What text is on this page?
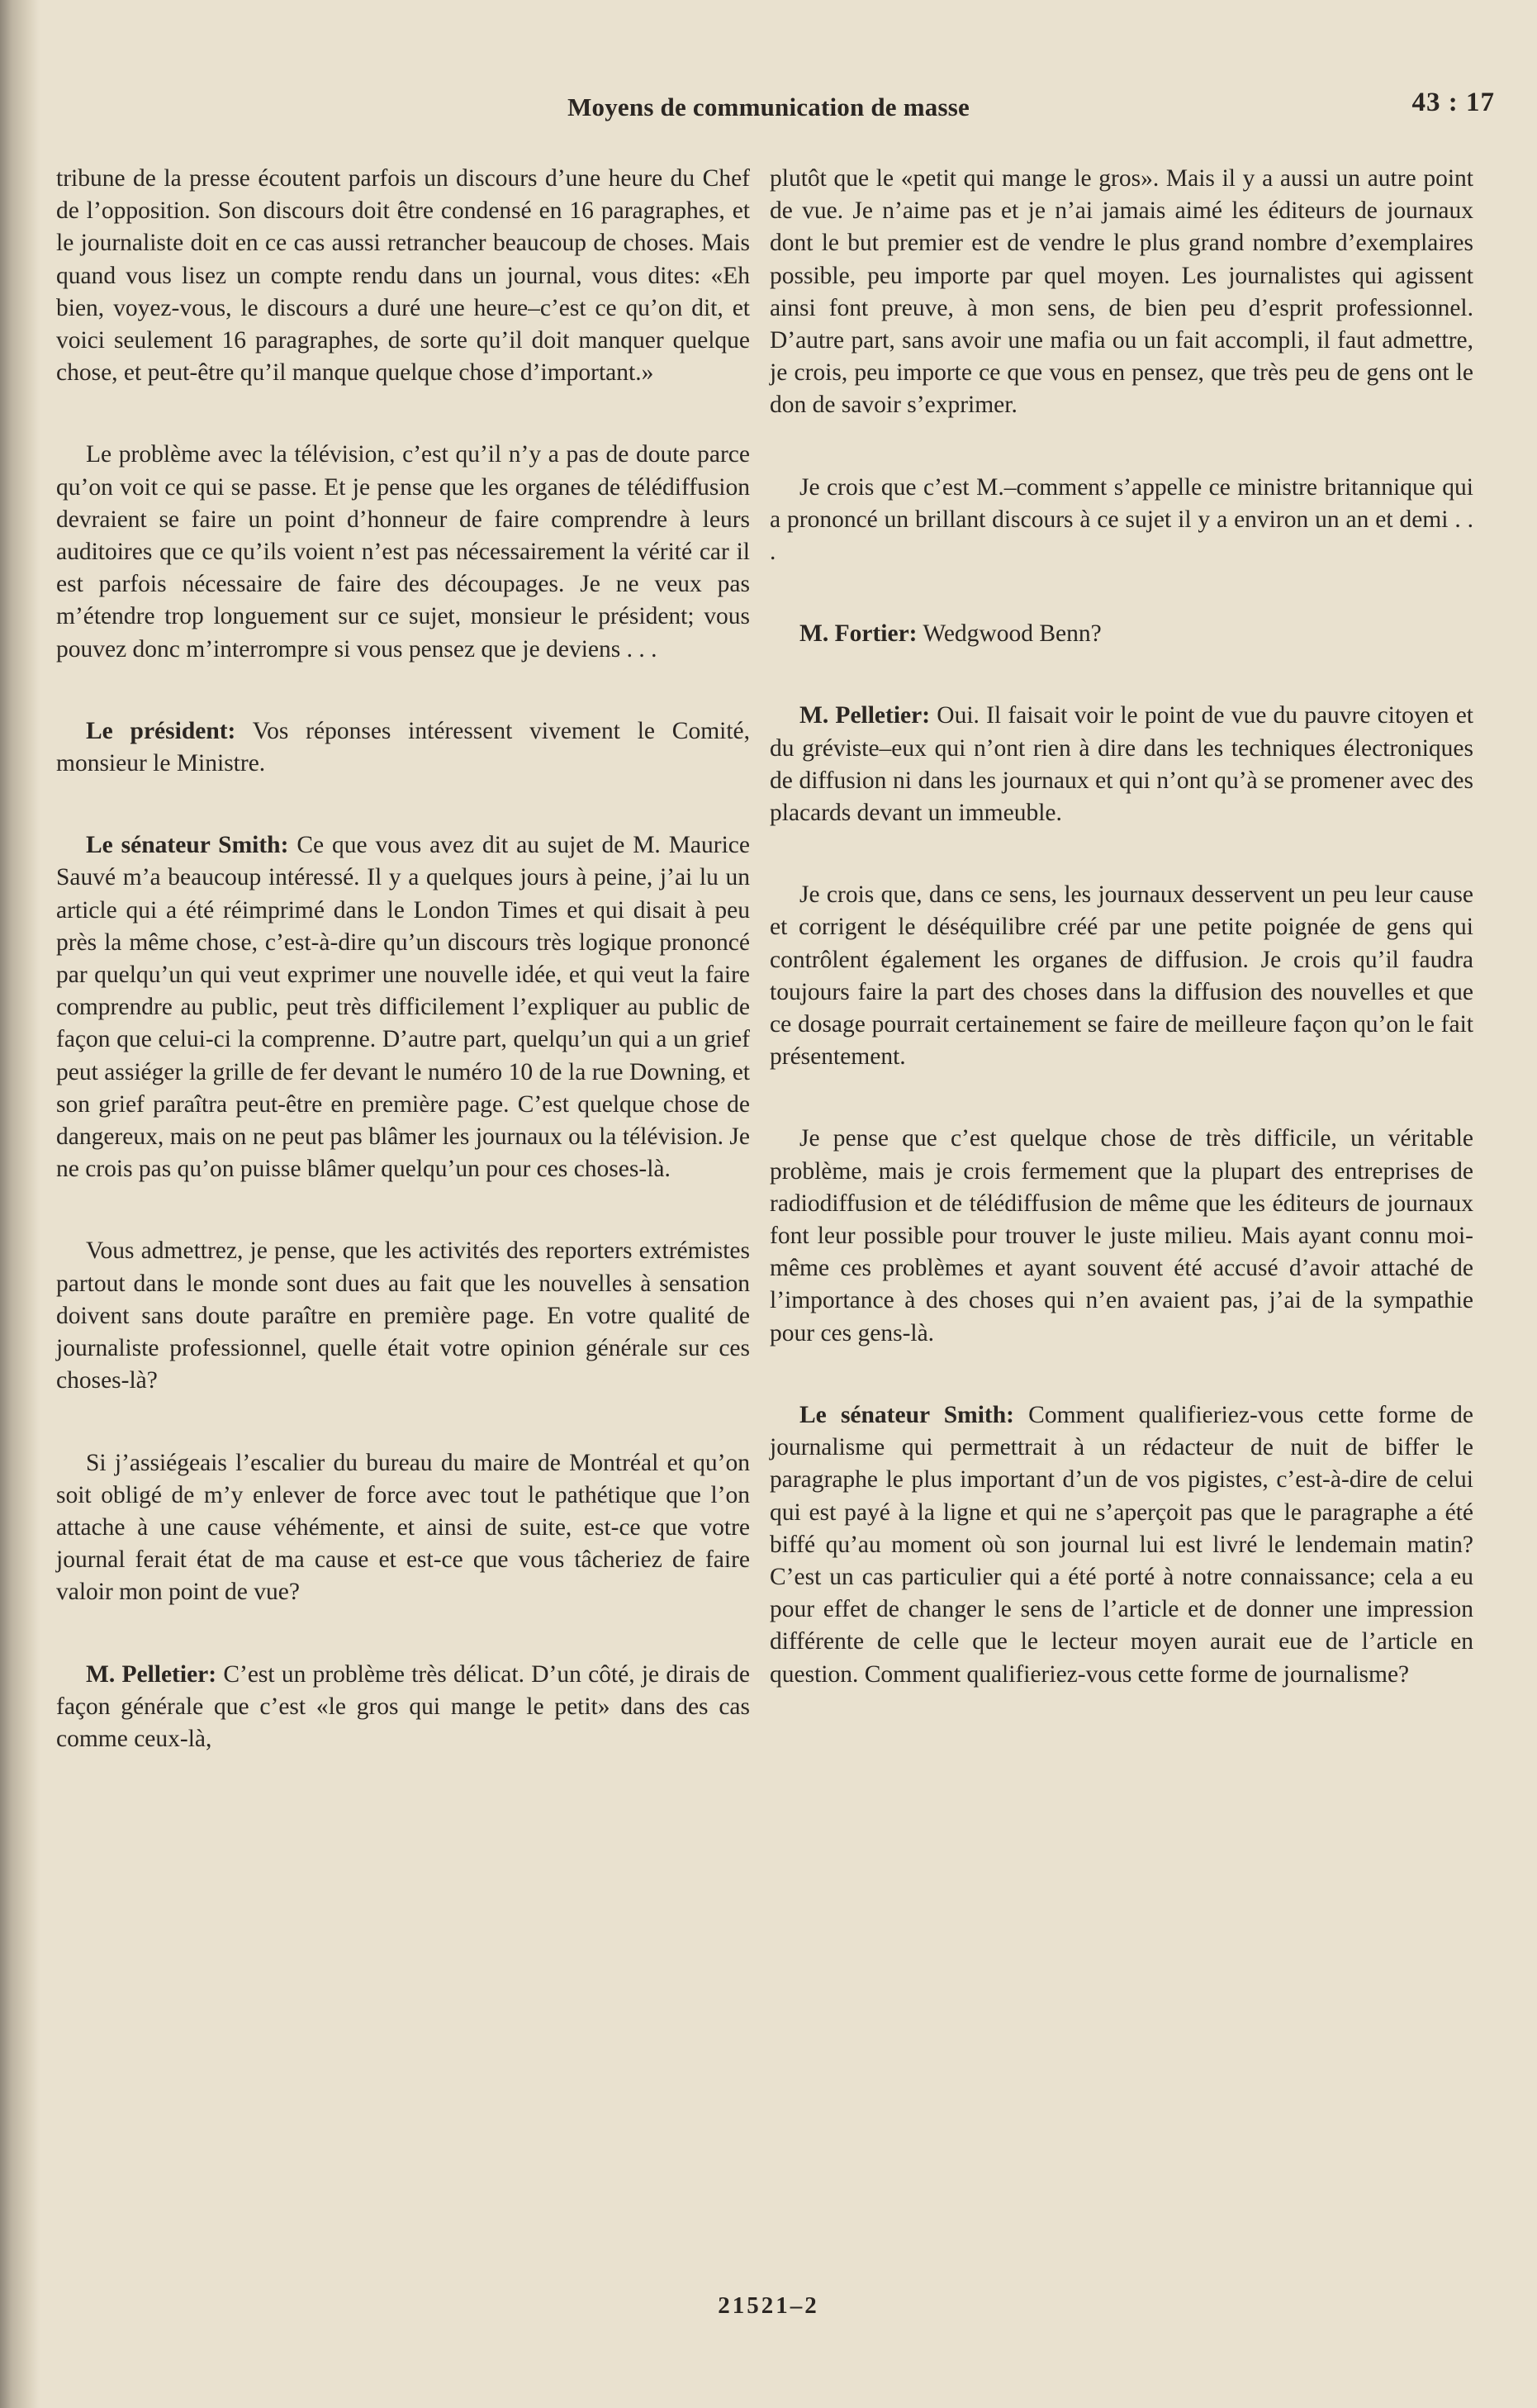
Moyens de communication de masse	43 : 17

tribune de la presse écoutent parfois un discours d’une heure du Chef de l’opposition. Son discours doit être condensé en 16 paragraphes, et le journaliste doit en ce cas aussi retrancher beaucoup de choses. Mais quand vous lisez un compte rendu dans un journal, vous dites: «Eh bien, voyez-vous, le discours a duré une heure–c’est ce qu’on dit, et voici seulement 16 paragraphes, de sorte qu’il doit manquer quelque chose, et peut-être qu’il manque quelque chose d’important.»

Le problème avec la télévision, c’est qu’il n’y a pas de doute parce qu’on voit ce qui se passe. Et je pense que les organes de télédiffusion devraient se faire un point d’honneur de faire comprendre à leurs auditoires que ce qu’ils voient n’est pas nécessairement la vérité car il est parfois nécessaire de faire des découpages. Je ne veux pas m’étendre trop longuement sur ce sujet, monsieur le président; vous pouvez donc m’interrompre si vous pensez que je deviens . . .

Le président: Vos réponses intéressent vivement le Comité, monsieur le Ministre.

Le sénateur Smith: Ce que vous avez dit au sujet de M. Maurice Sauvé m’a beaucoup intéressé. Il y a quelques jours à peine, j’ai lu un article qui a été réimprimé dans le London Times et qui disait à peu près la même chose, c’est-à-dire qu’un discours très logique prononcé par quelqu’un qui veut exprimer une nouvelle idée, et qui veut la faire comprendre au public, peut très difficilement l’expliquer au public de façon que celui-ci la comprenne. D’autre part, quelqu’un qui a un grief peut assiéger la grille de fer devant le numéro 10 de la rue Downing, et son grief paraîtra peut-être en première page. C’est quelque chose de dangereux, mais on ne peut pas blâmer les journaux ou la télévision. Je ne crois pas qu’on puisse blâmer quelqu’un pour ces choses-là.

Vous admettrez, je pense, que les activités des reporters extrémistes partout dans le monde sont dues au fait que les nouvelles à sensation doivent sans doute paraître en première page. En votre qualité de journaliste professionnel, quelle était votre opinion générale sur ces choses-là?

Si j’assiégeais l’escalier du bureau du maire de Montréal et qu’on soit obligé de m’y enlever de force avec tout le pathétique que l’on attache à une cause véhémente, et ainsi de suite, est-ce que votre journal ferait état de ma cause et est-ce que vous tâcheriez de faire valoir mon point de vue?

M. Pelletier: C’est un problème très délicat. D’un côté, je dirais de façon générale que c’est «le gros qui mange le petit» dans des cas comme ceux-là,

plutôt que le «petit qui mange le gros». Mais il y a aussi un autre point de vue. Je n’aime pas et je n’ai jamais aimé les éditeurs de journaux dont le but premier est de vendre le plus grand nombre d’exemplaires possible, peu importe par quel moyen. Les journalistes qui agissent ainsi font preuve, à mon sens, de bien peu d’esprit professionnel. D’autre part, sans avoir une mafia ou un fait accompli, il faut admettre, je crois, peu importe ce que vous en pensez, que très peu de gens ont le don de savoir s’exprimer.

Je crois que c’est M.–comment s’appelle ce ministre britannique qui a prononcé un brillant discours à ce sujet il y a environ un an et demi . . .

M. Fortier: Wedgwood Benn?

M. Pelletier: Oui. Il faisait voir le point de vue du pauvre citoyen et du gréviste–eux qui n’ont rien à dire dans les techniques électroniques de diffusion ni dans les journaux et qui n’ont qu’à se promener avec des placards devant un immeuble.

Je crois que, dans ce sens, les journaux desservent un peu leur cause et corrigent le déséquilibre créé par une petite poignée de gens qui contrôlent également les organes de diffusion. Je crois qu’il faudra toujours faire la part des choses dans la diffusion des nouvelles et que ce dosage pourrait certainement se faire de meilleure façon qu’on le fait présentement.

Je pense que c’est quelque chose de très difficile, un véritable problème, mais je crois fermement que la plupart des entreprises de radiodiffusion et de télédiffusion de même que les éditeurs de journaux font leur possible pour trouver le juste milieu. Mais ayant connu moi-même ces problèmes et ayant souvent été accusé d’avoir attaché de l’importance à des choses qui n’en avaient pas, j’ai de la sympathie pour ces gens-là.

Le sénateur Smith: Comment qualifieriez-vous cette forme de journalisme qui permettrait à un rédacteur de nuit de biffer le paragraphe le plus important d’un de vos pigistes, c’est-à-dire de celui qui est payé à la ligne et qui ne s’aperçoit pas que le paragraphe a été biffé qu’au moment où son journal lui est livré le lendemain matin? C’est un cas particulier qui a été porté à notre connaissance; cela a eu pour effet de changer le sens de l’article et de donner une impression différente de celle que le lecteur moyen aurait eue de l’article en question. Comment qualifieriez-vous cette forme de journalisme?

21521–2
